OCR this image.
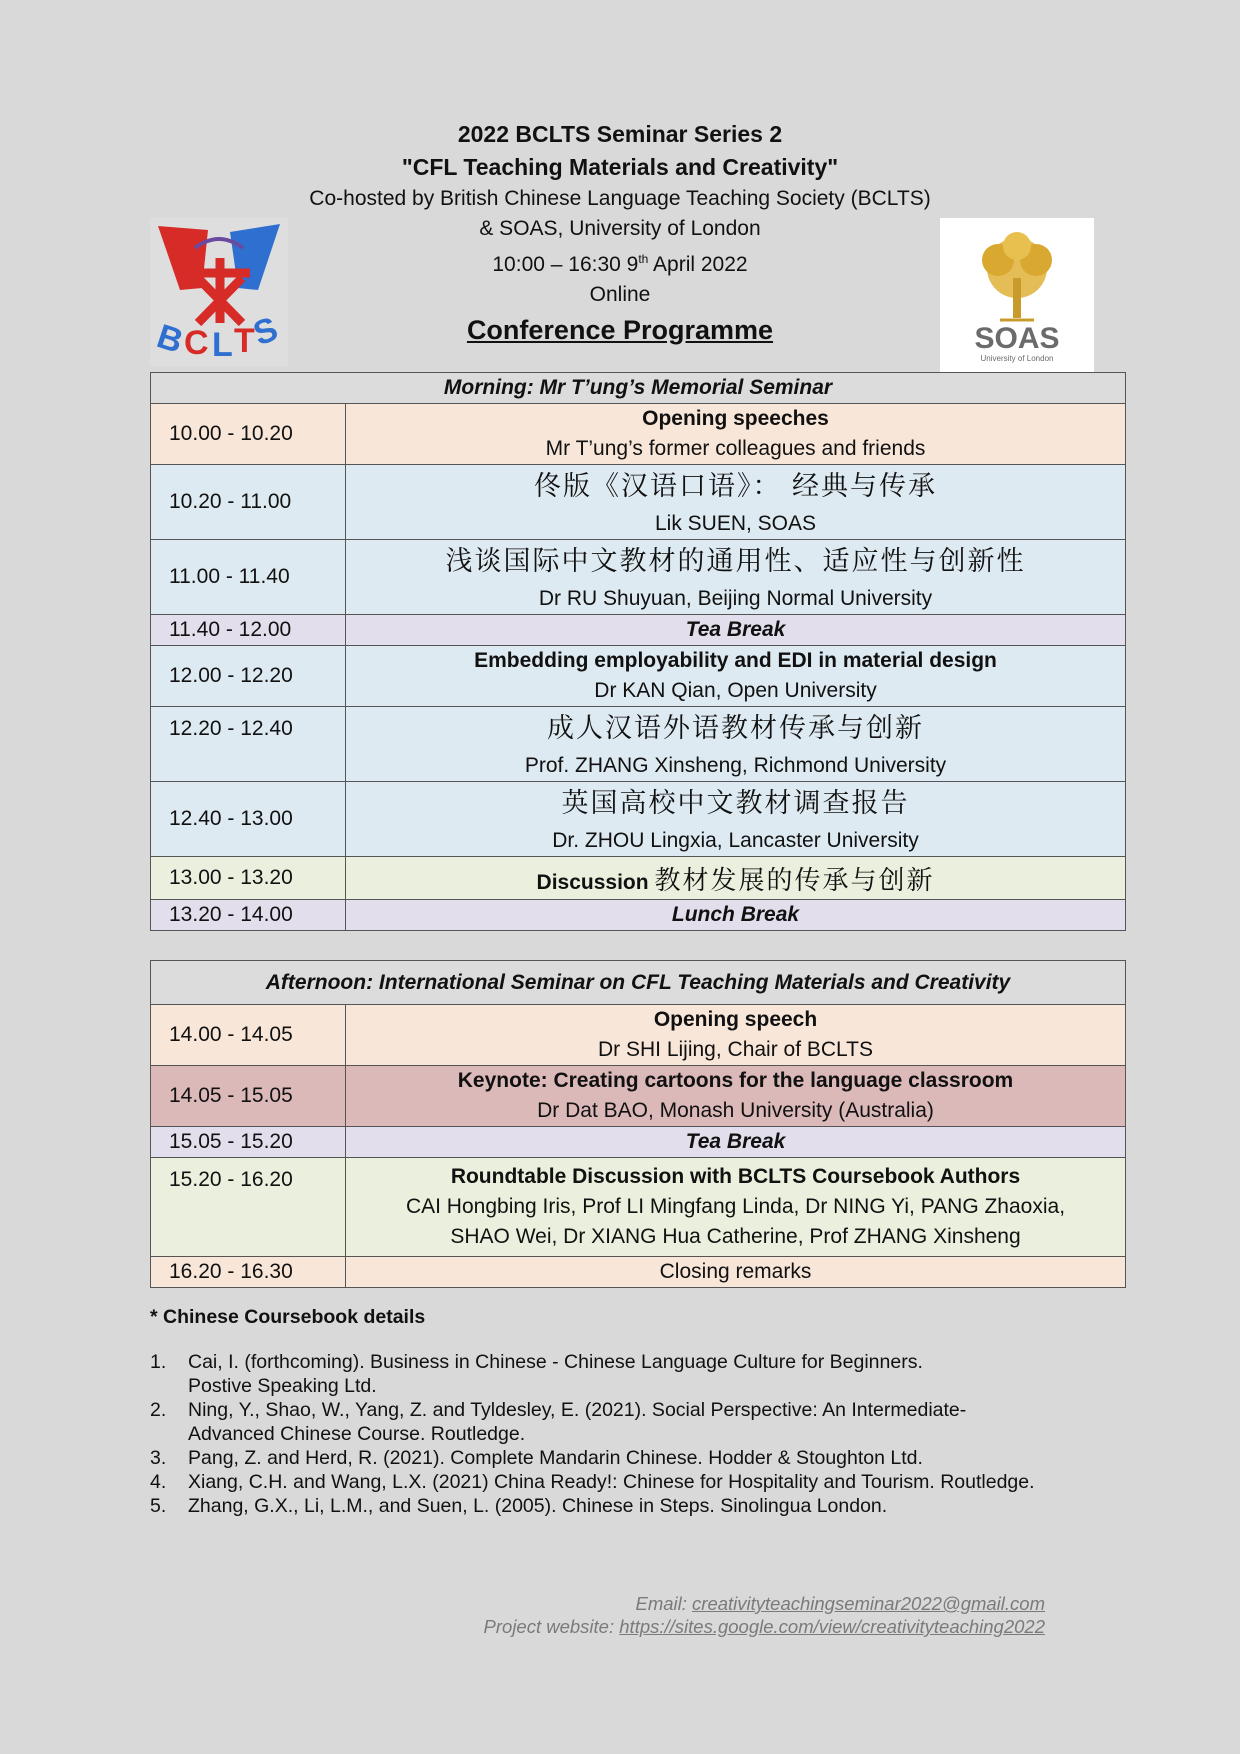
2022 BCLTS Seminar Series 2
"CFL Teaching Materials and Creativity"
Co-hosted by British Chinese Language Teaching Society (BCLTS)
& SOAS, University of London
10:00 – 16:30 9th April 2022
Online
Conference Programme
B
C L T
S	SOAS
University of London
Morning: Mr T’ung’s Memorial Seminar	
10.00 - 10.20	Opening speeches
Mr T’ung’s former colleagues and friends

10.20 - 11.00	佟版《汉语口语》： 经典与传承
Lik SUEN, SOAS

11.00 - 11.40	浅谈国际中文教材的通用性、适应性与创新性
Dr RU Shuyuan, Beijing Normal University

11.40 - 12.00	Tea Break
12.00 - 12.20	Embedding employability and EDI in material design
Dr KAN Qian, Open University

12.20 - 12.40	成人汉语外语教材传承与创新
Prof. ZHANG Xinsheng, Richmond University

12.40 - 13.00	英国高校中文教材调查报告
Dr. ZHOU Lingxia, Lancaster University

13.00 - 13.20	Discussion 教材发展的传承与创新
13.20 - 14.00	Lunch Break
Afternoon: International Seminar on CFL Teaching Materials and Creativity	
14.00 - 14.05	Opening speech
Dr SHI Lijing, Chair of BCLTS

14.05 - 15.05	Keynote: Creating cartoons for the language classroom
Dr Dat BAO, Monash University (Australia)

15.05 - 15.20	Tea Break
15.20 - 16.20	Roundtable Discussion with BCLTS Coursebook Authors
CAI Hongbing Iris, Prof LI Mingfang Linda, Dr NING Yi, PANG Zhaoxia,
SHAO Wei, Dr XIANG Hua Catherine, Prof ZHANG Xinsheng

16.20 - 16.30	Closing remarks
* Chinese Coursebook details
1. Cai, I. (forthcoming). Business in Chinese - Chinese Language Culture for Beginners.
Postive Speaking Ltd.
2. Ning, Y., Shao, W., Yang, Z. and Tyldesley, E. (2021). Social Perspective: An Intermediate-
Advanced Chinese Course. Routledge.
3. Pang, Z. and Herd, R. (2021). Complete Mandarin Chinese. Hodder & Stoughton Ltd.
4. Xiang, C.H. and Wang, L.X. (2021) China Ready!: Chinese for Hospitality and Tourism. Routledge.
5. Zhang, G.X., Li, L.M., and Suen, L. (2005). Chinese in Steps. Sinolingua London.
Email: creativityteachingseminar2022@gmail.com
Project website: https://sites.google.com/view/creativityteaching2022
